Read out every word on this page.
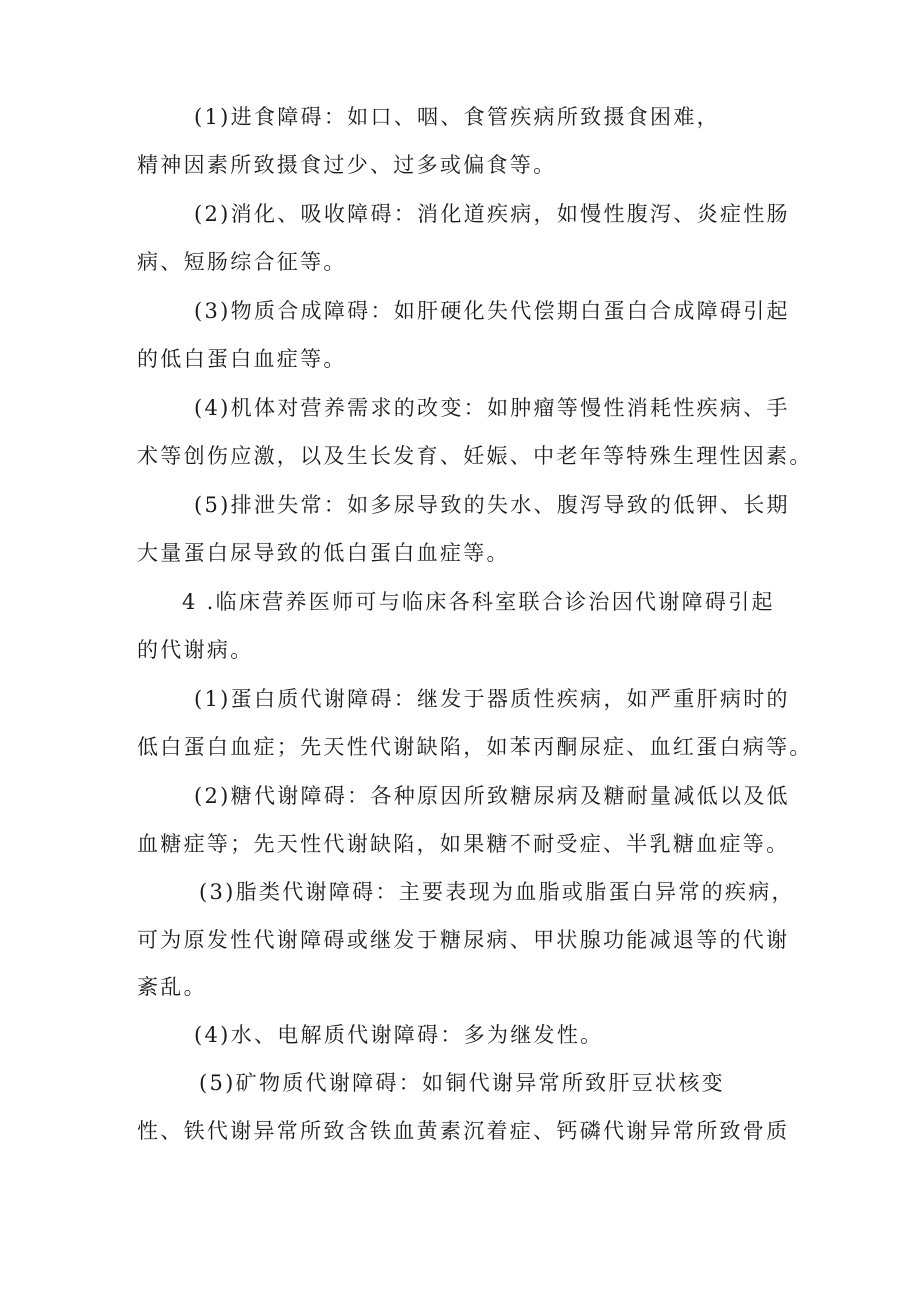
(1)进食障碍：如口、咽、食管疾病所致摄食困难，
精神因素所致摄食过少、过多或偏食等。
(2)消化、吸收障碍：消化道疾病，如慢性腹泻、炎症性肠
病、短肠综合征等。
(3)物质合成障碍：如肝硬化失代偿期白蛋白合成障碍引起
的低白蛋白血症等。
(4)机体对营养需求的改变：如肿瘤等慢性消耗性疾病、手
术等创伤应激，以及生长发育、妊娠、中老年等特殊生理性因素。
(5)排泄失常：如多尿导致的失水、腹泻导致的低钾、长期
大量蛋白尿导致的低白蛋白血症等。
4 .临床营养医师可与临床各科室联合诊治因代谢障碍引起
的代谢病。
(1)蛋白质代谢障碍：继发于器质性疾病，如严重肝病时的
低白蛋白血症；先天性代谢缺陷，如苯丙酮尿症、血红蛋白病等。
(2)糖代谢障碍：各种原因所致糖尿病及糖耐量减低以及低
血糖症等；先天性代谢缺陷，如果糖不耐受症、半乳糖血症等。
(3)脂类代谢障碍：主要表现为血脂或脂蛋白异常的疾病，
可为原发性代谢障碍或继发于糖尿病、甲状腺功能减退等的代谢
紊乱。
(4)水、电解质代谢障碍：多为继发性。
(5)矿物质代谢障碍：如铜代谢异常所致肝豆状核变
性、铁代谢异常所致含铁血黄素沉着症、钙磷代谢异常所致骨质
